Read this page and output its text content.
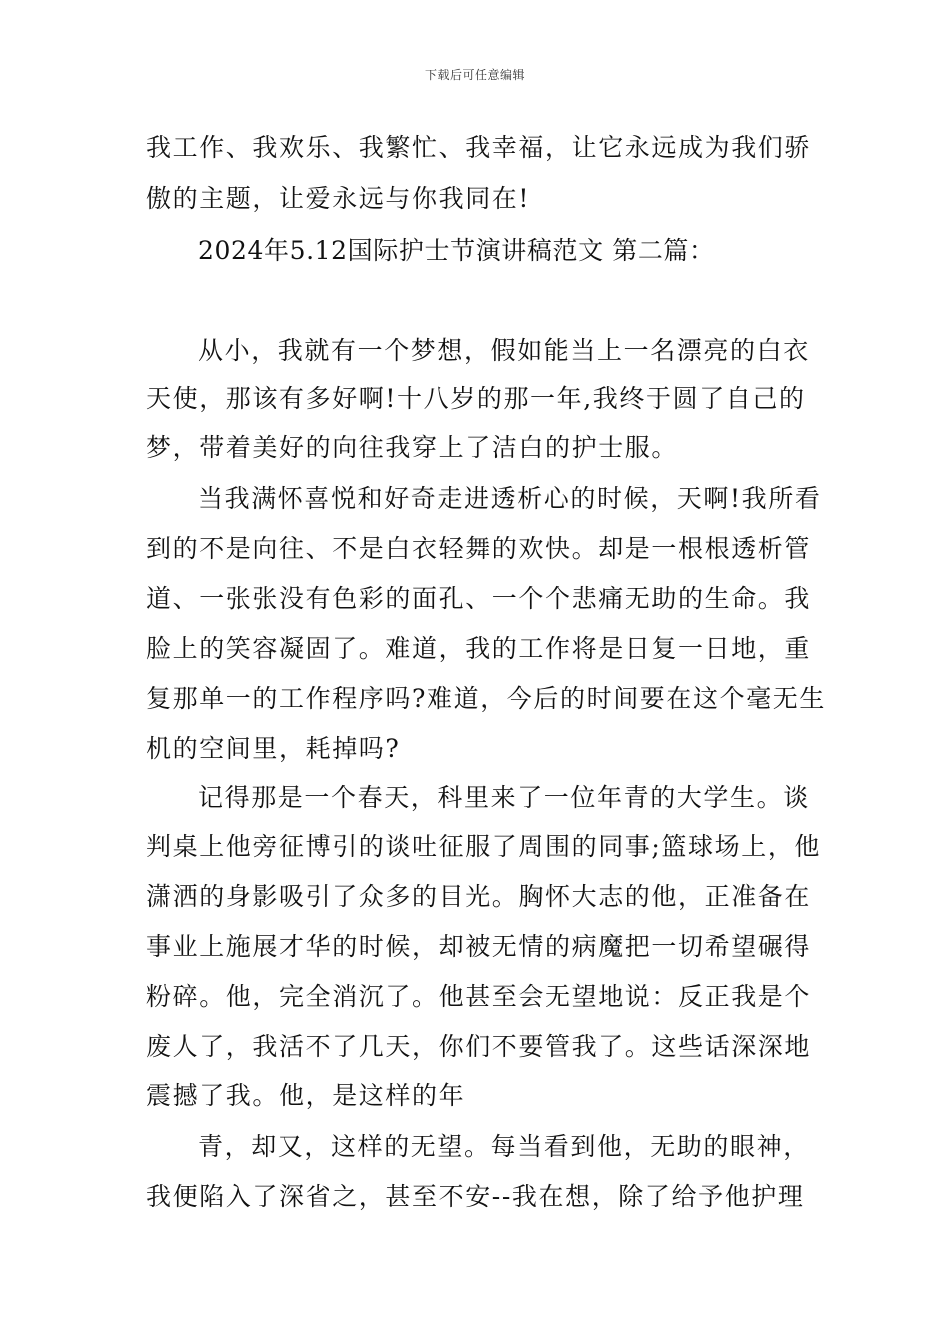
下载后可任意编辑
我工作、我欢乐、我繁忙、我幸福，让它永远成为我们骄
傲的主题，让爱永远与你我同在!
2024年5.12国际护士节演讲稿范文 第二篇：
从小，我就有一个梦想，假如能当上一名漂亮的白衣
天使，那该有多好啊!十八岁的那一年,我终于圆了自己的
梦，带着美好的向往我穿上了洁白的护士服。
当我满怀喜悦和好奇走进透析心的时候，天啊!我所看
到的不是向往、不是白衣轻舞的欢快。却是一根根透析管
道、一张张没有色彩的面孔、一个个悲痛无助的生命。我
脸上的笑容凝固了。难道，我的工作将是日复一日地，重
复那单一的工作程序吗?难道，今后的时间要在这个毫无生
机的空间里，耗掉吗?
记得那是一个春天，科里来了一位年青的大学生。谈
判桌上他旁征博引的谈吐征服了周围的同事;篮球场上，他
潇洒的身影吸引了众多的目光。胸怀大志的他，正准备在
事业上施展才华的时候，却被无情的病魔把一切希望碾得
粉碎。他，完全消沉了。他甚至会无望地说：反正我是个
废人了，我活不了几天，你们不要管我了。这些话深深地
震撼了我。他，是这样的年
青，却又，这样的无望。每当看到他，无助的眼神，
我便陷入了深省之，甚至不安--我在想，除了给予他护理
